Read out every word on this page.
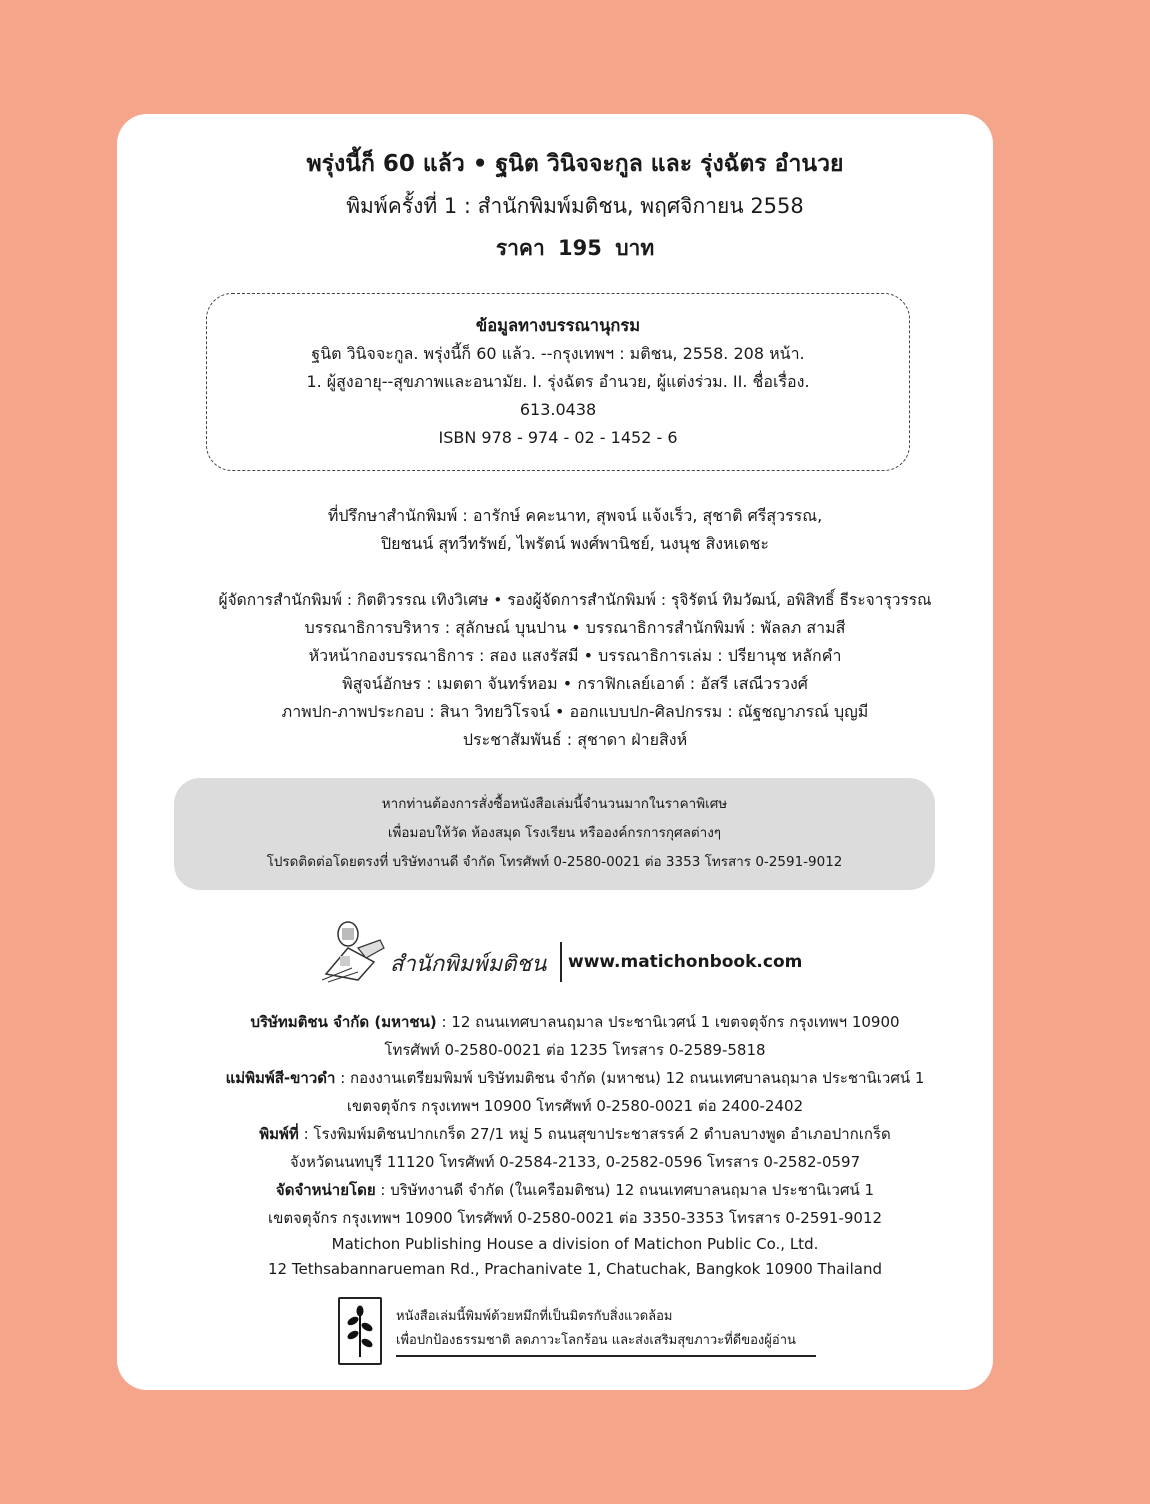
พรุ่งนี้ก็ 60 แล้ว • ฐนิต วินิจจะกูล และ รุ่งฉัตร อำนวย
พิมพ์ครั้งที่ 1 : สำนักพิมพ์มติชน, พฤศจิกายน 2558
ราคา 195 บาท
ข้อมูลทางบรรณานุกรม
ฐนิต วินิจจะกูล. พรุ่งนี้ก็ 60 แล้ว. --กรุงเทพฯ : มติชน, 2558. 208 หน้า.
1. ผู้สูงอายุ--สุขภาพและอนามัย. I. รุ่งฉัตร อำนวย, ผู้แต่งร่วม. II. ชื่อเรื่อง.
613.0438
ISBN 978 - 974 - 02 - 1452 - 6
ที่ปรึกษาสำนักพิมพ์ : อารักษ์ คคะนาท, สุพจน์ แจ้งเร็ว, สุชาติ ศรีสุวรรณ,
ปิยชนน์ สุทวีทรัพย์, ไพรัตน์ พงศ์พานิชย์, นงนุช สิงหเดชะ
ผู้จัดการสำนักพิมพ์ : กิตติวรรณ เทิงวิเศษ • รองผู้จัดการสำนักพิมพ์ : รุจิรัตน์ ทิมวัฒน์, อพิสิทธิ์ ธีระจารุวรรณ
บรรณาธิการบริหาร : สุลักษณ์ บุนปาน • บรรณาธิการสำนักพิมพ์ : พัลลภ สามสี
หัวหน้ากองบรรณาธิการ : สอง แสงรัสมี • บรรณาธิการเล่ม : ปรียานุช หลักคำ
พิสูจน์อักษร : เมตตา จันทร์หอม • กราฟิกเลย์เอาต์ : อัสรี เสณีวรวงศ์
ภาพปก-ภาพประกอบ : สินา วิทยวิโรจน์ • ออกแบบปก-ศิลปกรรม : ณัฐชญาภรณ์ บุญมี
ประชาสัมพันธ์ : สุชาดา ฝ่ายสิงห์
หากท่านต้องการสั่งซื้อหนังสือเล่มนี้จำนวนมากในราคาพิเศษ
เพื่อมอบให้วัด ห้องสมุด โรงเรียน หรือองค์กรการกุศลต่างๆ
โปรดติดต่อโดยตรงที่ บริษัทงานดี จำกัด โทรศัพท์ 0-2580-0021 ต่อ 3353 โทรสาร 0-2591-9012
สำนักพิมพ์มติชน www.matichonbook.com
บริษัทมติชน จำกัด (มหาชน) : 12 ถนนเทศบาลนฤมาล ประชานิเวศน์ 1 เขตจตุจักร กรุงเทพฯ 10900
โทรศัพท์ 0-2580-0021 ต่อ 1235 โทรสาร 0-2589-5818
แม่พิมพ์สี-ขาวดำ : กองงานเตรียมพิมพ์ บริษัทมติชน จำกัด (มหาชน) 12 ถนนเทศบาลนฤมาล ประชานิเวศน์ 1
เขตจตุจักร กรุงเทพฯ 10900 โทรศัพท์ 0-2580-0021 ต่อ 2400-2402
พิมพ์ที่ : โรงพิมพ์มติชนปากเกร็ด 27/1 หมู่ 5 ถนนสุขาประชาสรรค์ 2 ตำบลบางพูด อำเภอปากเกร็ด
จังหวัดนนทบุรี 11120 โทรศัพท์ 0-2584-2133, 0-2582-0596 โทรสาร 0-2582-0597
จัดจำหน่ายโดย : บริษัทงานดี จำกัด (ในเครือมติชน) 12 ถนนเทศบาลนฤมาล ประชานิเวศน์ 1
เขตจตุจักร กรุงเทพฯ 10900 โทรศัพท์ 0-2580-0021 ต่อ 3350-3353 โทรสาร 0-2591-9012
Matichon Publishing House a division of Matichon Public Co., Ltd.
12 Tethsabannarueman Rd., Prachanivate 1, Chatuchak, Bangkok 10900 Thailand
หนังสือเล่มนี้พิมพ์ด้วยหมึกที่เป็นมิตรกับสิ่งแวดล้อม
เพื่อปกป้องธรรมชาติ ลดภาวะโลกร้อน และส่งเสริมสุขภาวะที่ดีของผู้อ่าน
